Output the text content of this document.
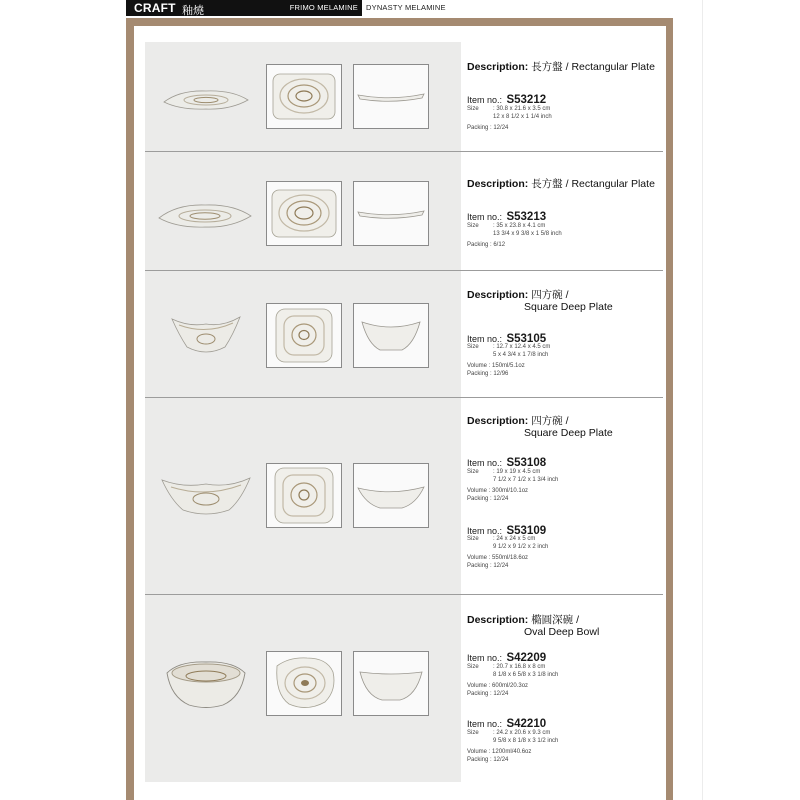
CRAFT 釉燒	FRIMO MELAMINE DYNASTY MELAMINE
Description: 長方盤 / Rectangular Plate
Item no.: S53212
Size : 30.8 x 21.6 x 3.5 cm
12 x 8 1/2 x 1 1/4 inch
Packing : 12/24
Description: 長方盤 / Rectangular Plate
Item no.: S53213
Size : 35 x 23.8 x 4.1 cm
13 3/4 x 9 3/8 x 1 5/8 inch
Packing : 6/12
Description: 四方碗 /
Square Deep Plate
Item no.: S53105
Size : 12.7 x 12.4 x 4.5 cm
5 x 4 3/4 x 1 7/8 inch
Volume : 150ml/5.1oz
Packing : 12/96
Description: 四方碗 /
Square Deep Plate
Item no.: S53108
Size : 19 x 19 x 4.5 cm
7 1/2 x 7 1/2 x 1 3/4 inch
Volume : 300ml/10.1oz
Packing : 12/24
Item no.: S53109
Size : 24 x 24 x 5 cm
9 1/2 x 9 1/2 x 2 inch
Volume : 550ml/18.6oz
Packing : 12/24
Description: 橢圓深碗 /
Oval Deep Bowl
Item no.: S42209
Size : 20.7 x 16.8 x 8 cm
8 1/8 x 6 5/8 x 3 1/8 inch
Volume : 600ml/20.3oz
Packing : 12/24
Item no.: S42210
Size : 24.2 x 20.6 x 9.3 cm
9 5/8 x 8 1/8 x 3 1/2 inch
Volume : 1200ml/40.6oz
Packing : 12/24
